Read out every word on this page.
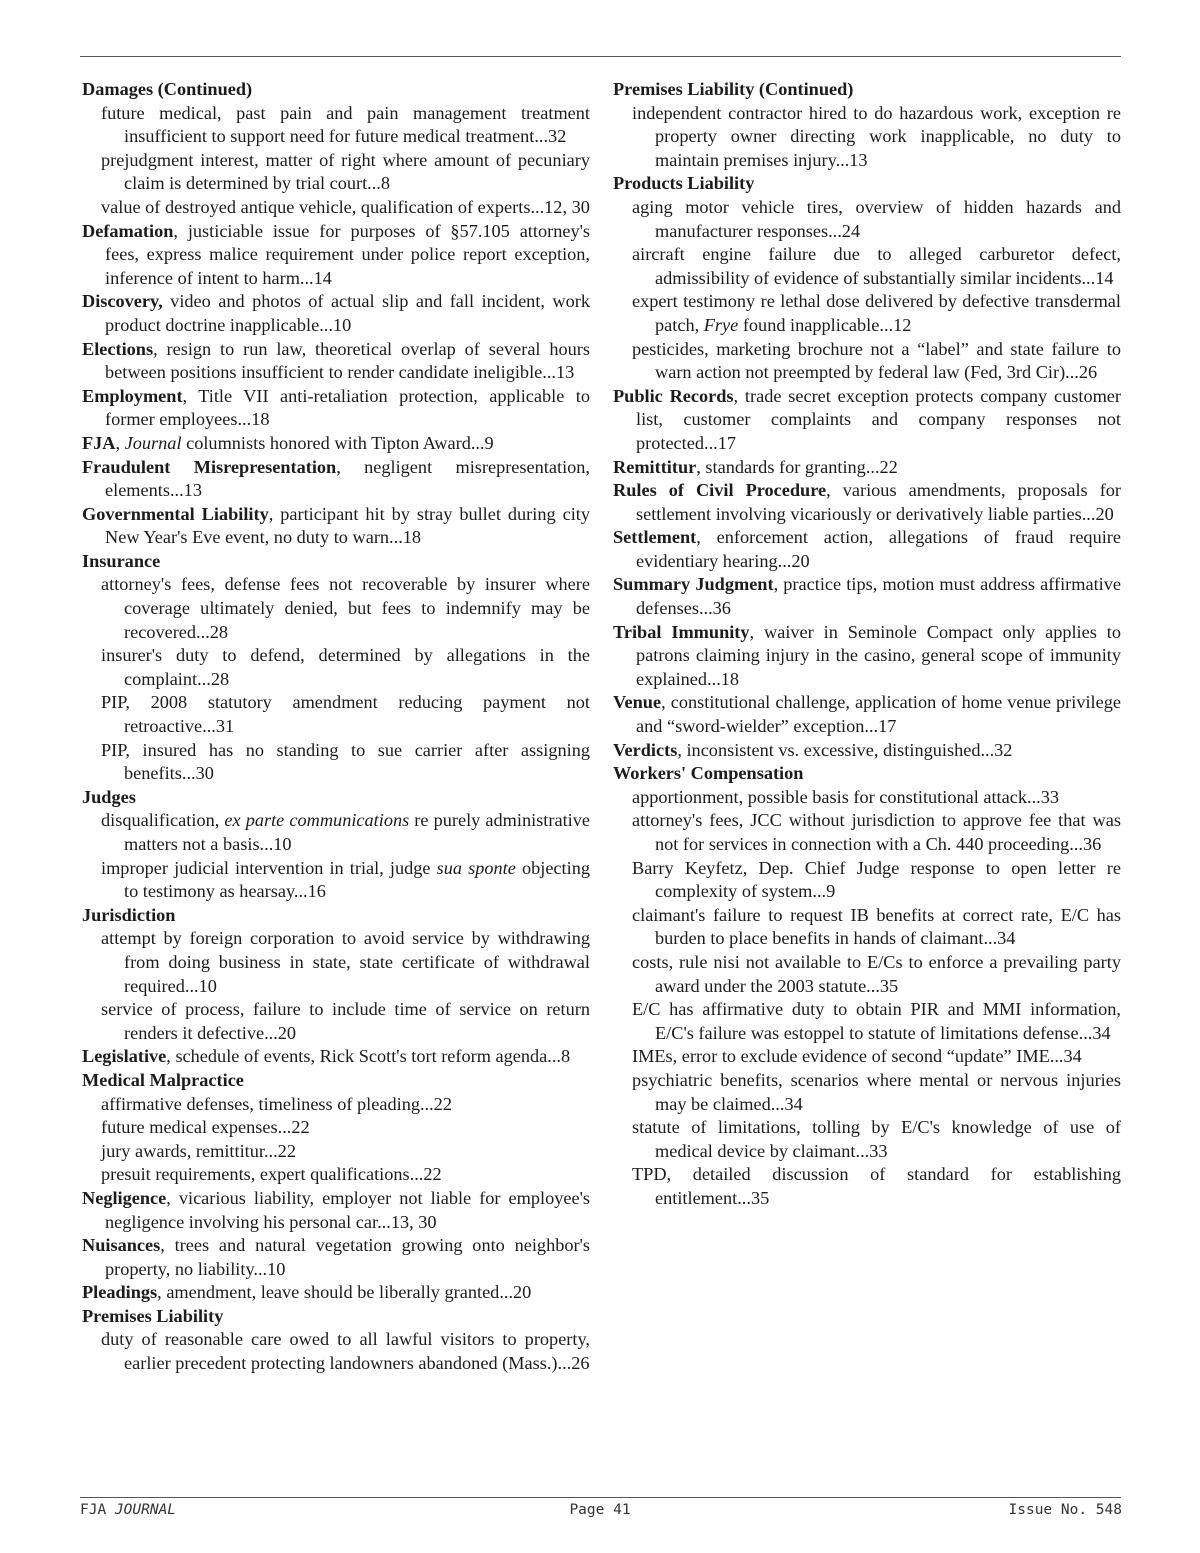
Damages (Continued)

future medical, past pain and pain management treatment insufficient to support need for future medical treatment...32

prejudgment interest, matter of right where amount of pecuniary claim is determined by trial court...8

value of destroyed antique vehicle, qualification of experts...12, 30

Defamation, justiciable issue for purposes of §57.105 attorney's fees, express malice requirement under police report exception, inference of intent to harm...14

Discovery, video and photos of actual slip and fall incident, work product doctrine inapplicable...10

Elections, resign to run law, theoretical overlap of several hours between positions insufficient to render candidate ineligible...13

Employment, Title VII anti-retaliation protection, applicable to former employees...18

FJA, Journal columnists honored with Tipton Award...9

Fraudulent Misrepresentation, negligent misrepresentation, elements...13

Governmental Liability, participant hit by stray bullet during city New Year's Eve event, no duty to warn...18

Insurance

attorney's fees, defense fees not recoverable by insurer where coverage ultimately denied, but fees to indemnify may be recovered...28

insurer's duty to defend, determined by allegations in the complaint...28

PIP, 2008 statutory amendment reducing payment not retroactive...31

PIP, insured has no standing to sue carrier after assigning benefits...30

Judges

disqualification, ex parte communications re purely administrative matters not a basis...10

improper judicial intervention in trial, judge sua sponte objecting to testimony as hearsay...16

Jurisdiction

attempt by foreign corporation to avoid service by withdrawing from doing business in state, state certificate of withdrawal required...10

service of process, failure to include time of service on return renders it defective...20

Legislative, schedule of events, Rick Scott's tort reform agenda...8

Medical Malpractice

affirmative defenses, timeliness of pleading...22

future medical expenses...22

jury awards, remittitur...22

presuit requirements, expert qualifications...22

Negligence, vicarious liability, employer not liable for employee's negligence involving his personal car...13, 30

Nuisances, trees and natural vegetation growing onto neighbor's property, no liability...10

Pleadings, amendment, leave should be liberally granted...20

Premises Liability

duty of reasonable care owed to all lawful visitors to property, earlier precedent protecting landowners abandoned (Mass.)...26

Premises Liability (Continued)

independent contractor hired to do hazardous work, exception re property owner directing work inapplicable, no duty to maintain premises injury...13

Products Liability

aging motor vehicle tires, overview of hidden hazards and manufacturer responses...24

aircraft engine failure due to alleged carburetor defect, admissibility of evidence of substantially similar incidents...14

expert testimony re lethal dose delivered by defective transdermal patch, Frye found inapplicable...12

pesticides, marketing brochure not a “label” and state failure to warn action not preempted by federal law (Fed, 3rd Cir)...26

Public Records, trade secret exception protects company customer list, customer complaints and company responses not protected...17

Remittitur, standards for granting...22

Rules of Civil Procedure, various amendments, proposals for settlement involving vicariously or derivatively liable parties...20

Settlement, enforcement action, allegations of fraud require evidentiary hearing...20

Summary Judgment, practice tips, motion must address affirmative defenses...36

Tribal Immunity, waiver in Seminole Compact only applies to patrons claiming injury in the casino, general scope of immunity explained...18

Venue, constitutional challenge, application of home venue privilege and “sword-wielder” exception...17

Verdicts, inconsistent vs. excessive, distinguished...32

Workers' Compensation

apportionment, possible basis for constitutional attack...33

attorney's fees, JCC without jurisdiction to approve fee that was not for services in connection with a Ch. 440 proceeding...36

Barry Keyfetz, Dep. Chief Judge response to open letter re complexity of system...9

claimant's failure to request IB benefits at correct rate, E/C has burden to place benefits in hands of claimant...34

costs, rule nisi not available to E/Cs to enforce a prevailing party award under the 2003 statute...35

E/C has affirmative duty to obtain PIR and MMI information, E/C's failure was estoppel to statute of limitations defense...34

IMEs, error to exclude evidence of second “update” IME...34

psychiatric benefits, scenarios where mental or nervous injuries may be claimed...34

statute of limitations, tolling by E/C's knowledge of use of medical device by claimant...33

TPD, detailed discussion of standard for establishing entitlement...35

FJA JOURNAL	Page 41	Issue No. 548
